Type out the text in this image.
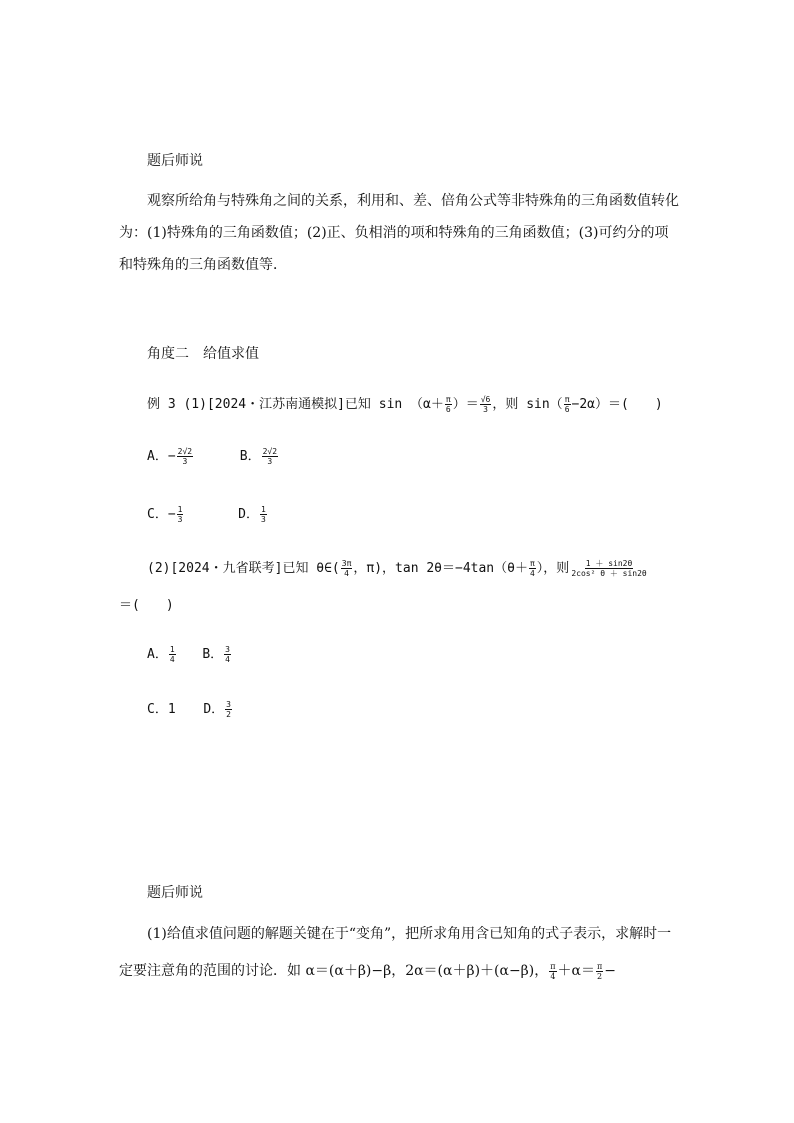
题后师说
观察所给角与特殊角之间的关系，利用和、差、倍角公式等非特殊角的三角函数值转化
为：(1)特殊角的三角函数值；(2)正、负相消的项和特殊角的三角函数值；(3)可约分的项
和特殊角的三角函数值等．
角度二　给值求值
例 3 (1)[2024・江苏南通模拟]已知 $\sin (\alpha+ \frac{\pi}{6}$ ）＝ $\frac{√6}{3}$ ，则 $\sin( \frac{\pi}{6} -2\alpha)=$(　　)
A．− $\frac{2√2}{3}$	B． $\frac{2√2}{3}$
C．− $\frac{1}{3}$	D． $\frac{1}{3}$
(2)[2024・九省联考]已知 θ∈( $\frac{3\pi}{4}$ ，π)，$\tan 2\theta=-4\tan(\theta+ \frac{\pi}{4}$ ），则 $\frac{1 + \sin 2\theta}{\text{2cos² θ ＋ sin2θ}}$
＝(　　)
A． $\frac{1}{4}$ B． $\frac{3}{4}$
C．1 D． $\frac{3}{2}$
题后师说
(1)给值求值问题的解题关键在于“变角”，把所求角用含已知角的式子表示，求解时一
定要注意角的范围的讨论．如 α＝(α＋β)−β，2α＝(α＋β)＋(α−β)， $\frac{\pi}{4} +\alpha= \frac{\pi}{2}$ −
